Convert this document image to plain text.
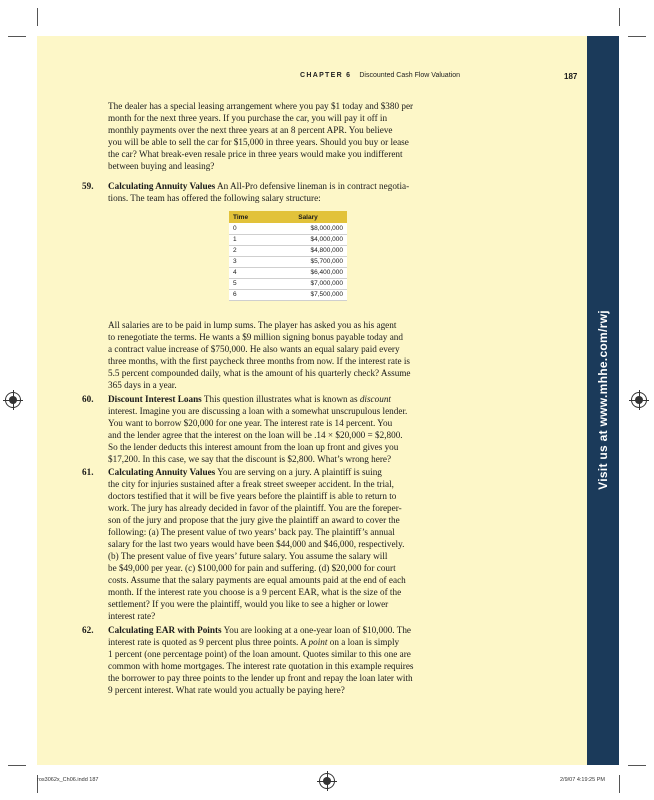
Visit us at www.mhhe.com/rwj
CHAPTER 6 Discounted Cash Flow Valuation	187

The dealer has a special leasing arrangement where you pay $1 today and $380 per

month for the next three years. If you purchase the car, you will pay it off in

monthly payments over the next three years at an 8 percent APR. You believe

you will be able to sell the car for $15,000 in three years. Should you buy or lease

the car? What break-even resale price in three years would make you indifferent

between buying and leasing?

59. Calculating Annuity Values An All-Pro defensive lineman is in contract negotia-

tions. The team has offered the following salary structure:

Time	Salary
0	$8,000,000
1	$4,000,000
2	$4,800,000
3	$5,700,000
4	$6,400,000
5	$7,000,000
6	$7,500,000

All salaries are to be paid in lump sums. The player has asked you as his agent

to renegotiate the terms. He wants a $9 million signing bonus payable today and

a contract value increase of $750,000. He also wants an equal salary paid every

three months, with the first paycheck three months from now. If the interest rate is

5.5 percent compounded daily, what is the amount of his quarterly check? Assume

365 days in a year.

60. Discount Interest Loans This question illustrates what is known as discount

interest. Imagine you are discussing a loan with a somewhat unscrupulous lender.

You want to borrow $20,000 for one year. The interest rate is 14 percent. You

and the lender agree that the interest on the loan will be .14 × $20,000 = $2,800.

So the lender deducts this interest amount from the loan up front and gives you

$17,200. In this case, we say that the discount is $2,800. What’s wrong here?

61. Calculating Annuity Values You are serving on a jury. A plaintiff is suing

the city for injuries sustained after a freak street sweeper accident. In the trial,

doctors testified that it will be five years before the plaintiff is able to return to

work. The jury has already decided in favor of the plaintiff. You are the foreper-

son of the jury and propose that the jury give the plaintiff an award to cover the

following: (a) The present value of two years’ back pay. The plaintiff’s annual

salary for the last two years would have been $44,000 and $46,000, respectively.

(b) The present value of five years’ future salary. You assume the salary will

be $49,000 per year. (c) $100,000 for pain and suffering. (d) $20,000 for court

costs. Assume that the salary payments are equal amounts paid at the end of each

month. If the interest rate you choose is a 9 percent EAR, what is the size of the

settlement? If you were the plaintiff, would you like to see a higher or lower

interest rate?

62. Calculating EAR with Points You are looking at a one-year loan of $10,000. The

interest rate is quoted as 9 percent plus three points. A point on a loan is simply

1 percent (one percentage point) of the loan amount. Quotes similar to this one are

common with home mortgages. The interest rate quotation in this example requires

the borrower to pay three points to the lender up front and repay the loan later with

9 percent interest. What rate would you actually be paying here?

ros3062x_Ch06.indd 187	2/9/07 4:19:25 PM
